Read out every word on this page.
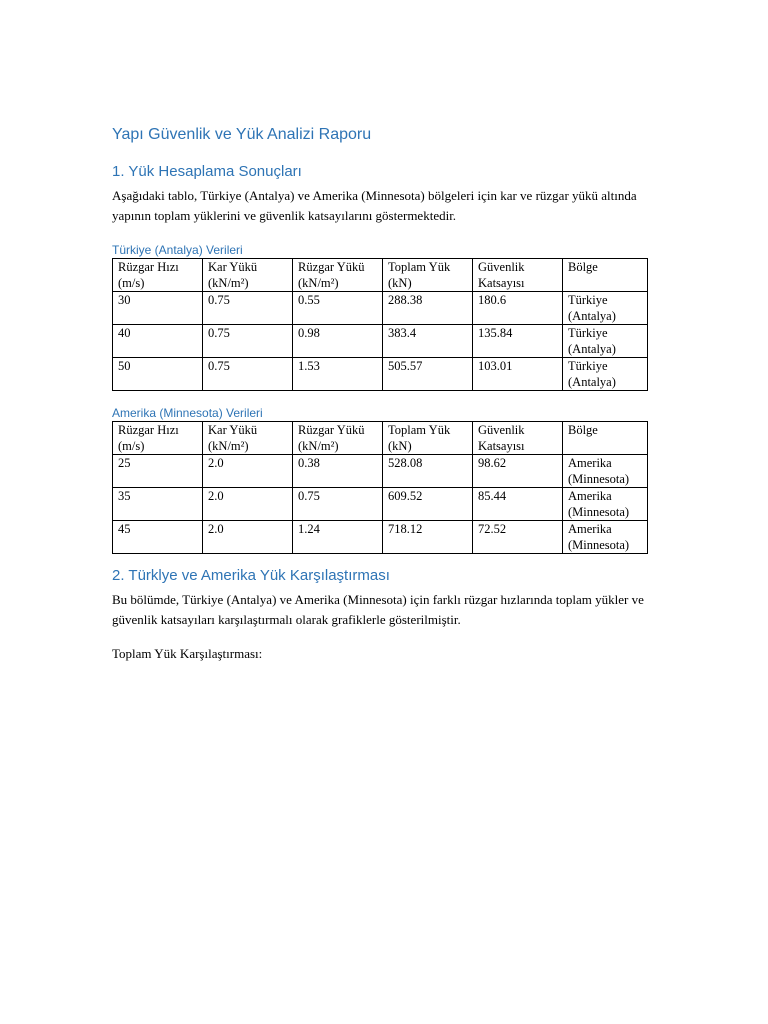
Yapı Güvenlik ve Yük Analizi Raporu
1. Yük Hesaplama Sonuçları

Aşağıdaki tablo, Türkiye (Antalya) ve Amerika (Minnesota) bölgeleri için kar ve rüzgar yükü altında yapının toplam yüklerini ve güvenlik katsayılarını göstermektedir.

Türkiye (Antalya) Verileri
Rüzgar Hızı (m/s)	Kar Yükü (kN/m²)	Rüzgar Yükü (kN/m²)	Toplam Yük (kN)	Güvenlik Katsayısı	Bölge
30	0.75	0.55	288.38	180.6	Türkiye (Antalya)
40	0.75	0.98	383.4	135.84	Türkiye (Antalya)
50	0.75	1.53	505.57	103.01	Türkiye (Antalya)
Amerika (Minnesota) Verileri
Rüzgar Hızı (m/s)	Kar Yükü (kN/m²)	Rüzgar Yükü (kN/m²)	Toplam Yük (kN)	Güvenlik Katsayısı	Bölge
25	2.0	0.38	528.08	98.62	Amerika (Minnesota)
35	2.0	0.75	609.52	85.44	Amerika (Minnesota)
45	2.0	1.24	718.12	72.52	Amerika (Minnesota)
2. Türklye ve Amerika Yük Karşılaştırması

Bu bölümde, Türkiye (Antalya) ve Amerika (Minnesota) için farklı rüzgar hızlarında toplam yükler ve güvenlik katsayıları karşılaştırmalı olarak grafiklerle gösterilmiştir.

Toplam Yük Karşılaştırması:
